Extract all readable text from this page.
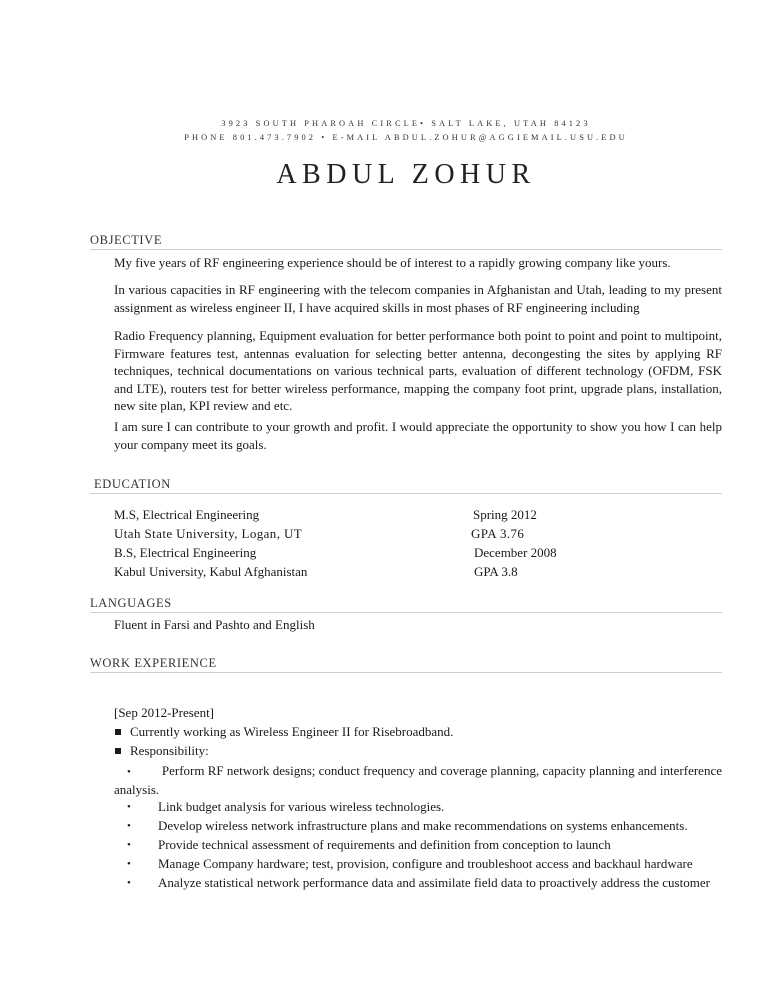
3923 SOUTH PHAROAH CIRCLE• SALT LAKE, UTAH 84123
PHONE 801.473.7902 • E-MAIL ABDUL.ZOHUR@AGGIEMAIL.USU.EDU
ABDUL ZOHUR
OBJECTIVE
My five years of RF engineering experience should be of interest to a rapidly growing company like yours.
In various capacities in RF engineering with the telecom companies in Afghanistan and Utah, leading to my present assignment as wireless engineer II, I have acquired skills in most phases of RF engineering including
Radio Frequency planning, Equipment evaluation for better performance both point to point and point to multipoint, Firmware features test, antennas evaluation for selecting better antenna, decongesting the sites by applying RF techniques, technical documentations on various technical parts, evaluation of different technology (OFDM, FSK and LTE), routers test for better wireless performance, mapping the company foot print, upgrade plans, installation, new site plan, KPI review and etc.
I am sure I can contribute to your growth and profit. I would appreciate the opportunity to show you how I can help your company meet its goals.
EDUCATION
M.S, Electrical Engineering	Spring 2012
Utah State University, Logan, UT	GPA 3.76
B.S, Electrical Engineering	December 2008
Kabul University, Kabul Afghanistan	GPA 3.8
LANGUAGES
Fluent in Farsi and Pashto and English
WORK EXPERIENCE
[Sep 2012-Present]
Currently working as Wireless Engineer II for Risebroadband.
Responsibility:
• Perform RF network designs; conduct frequency and coverage planning, capacity planning and interference analysis.
• Link budget analysis for various wireless technologies.
• Develop wireless network infrastructure plans and make recommendations on systems enhancements.
• Provide technical assessment of requirements and definition from conception to launch
• Manage Company hardware; test, provision, configure and troubleshoot access and backhaul hardware
• Analyze statistical network performance data and assimilate field data to proactively address the customer
